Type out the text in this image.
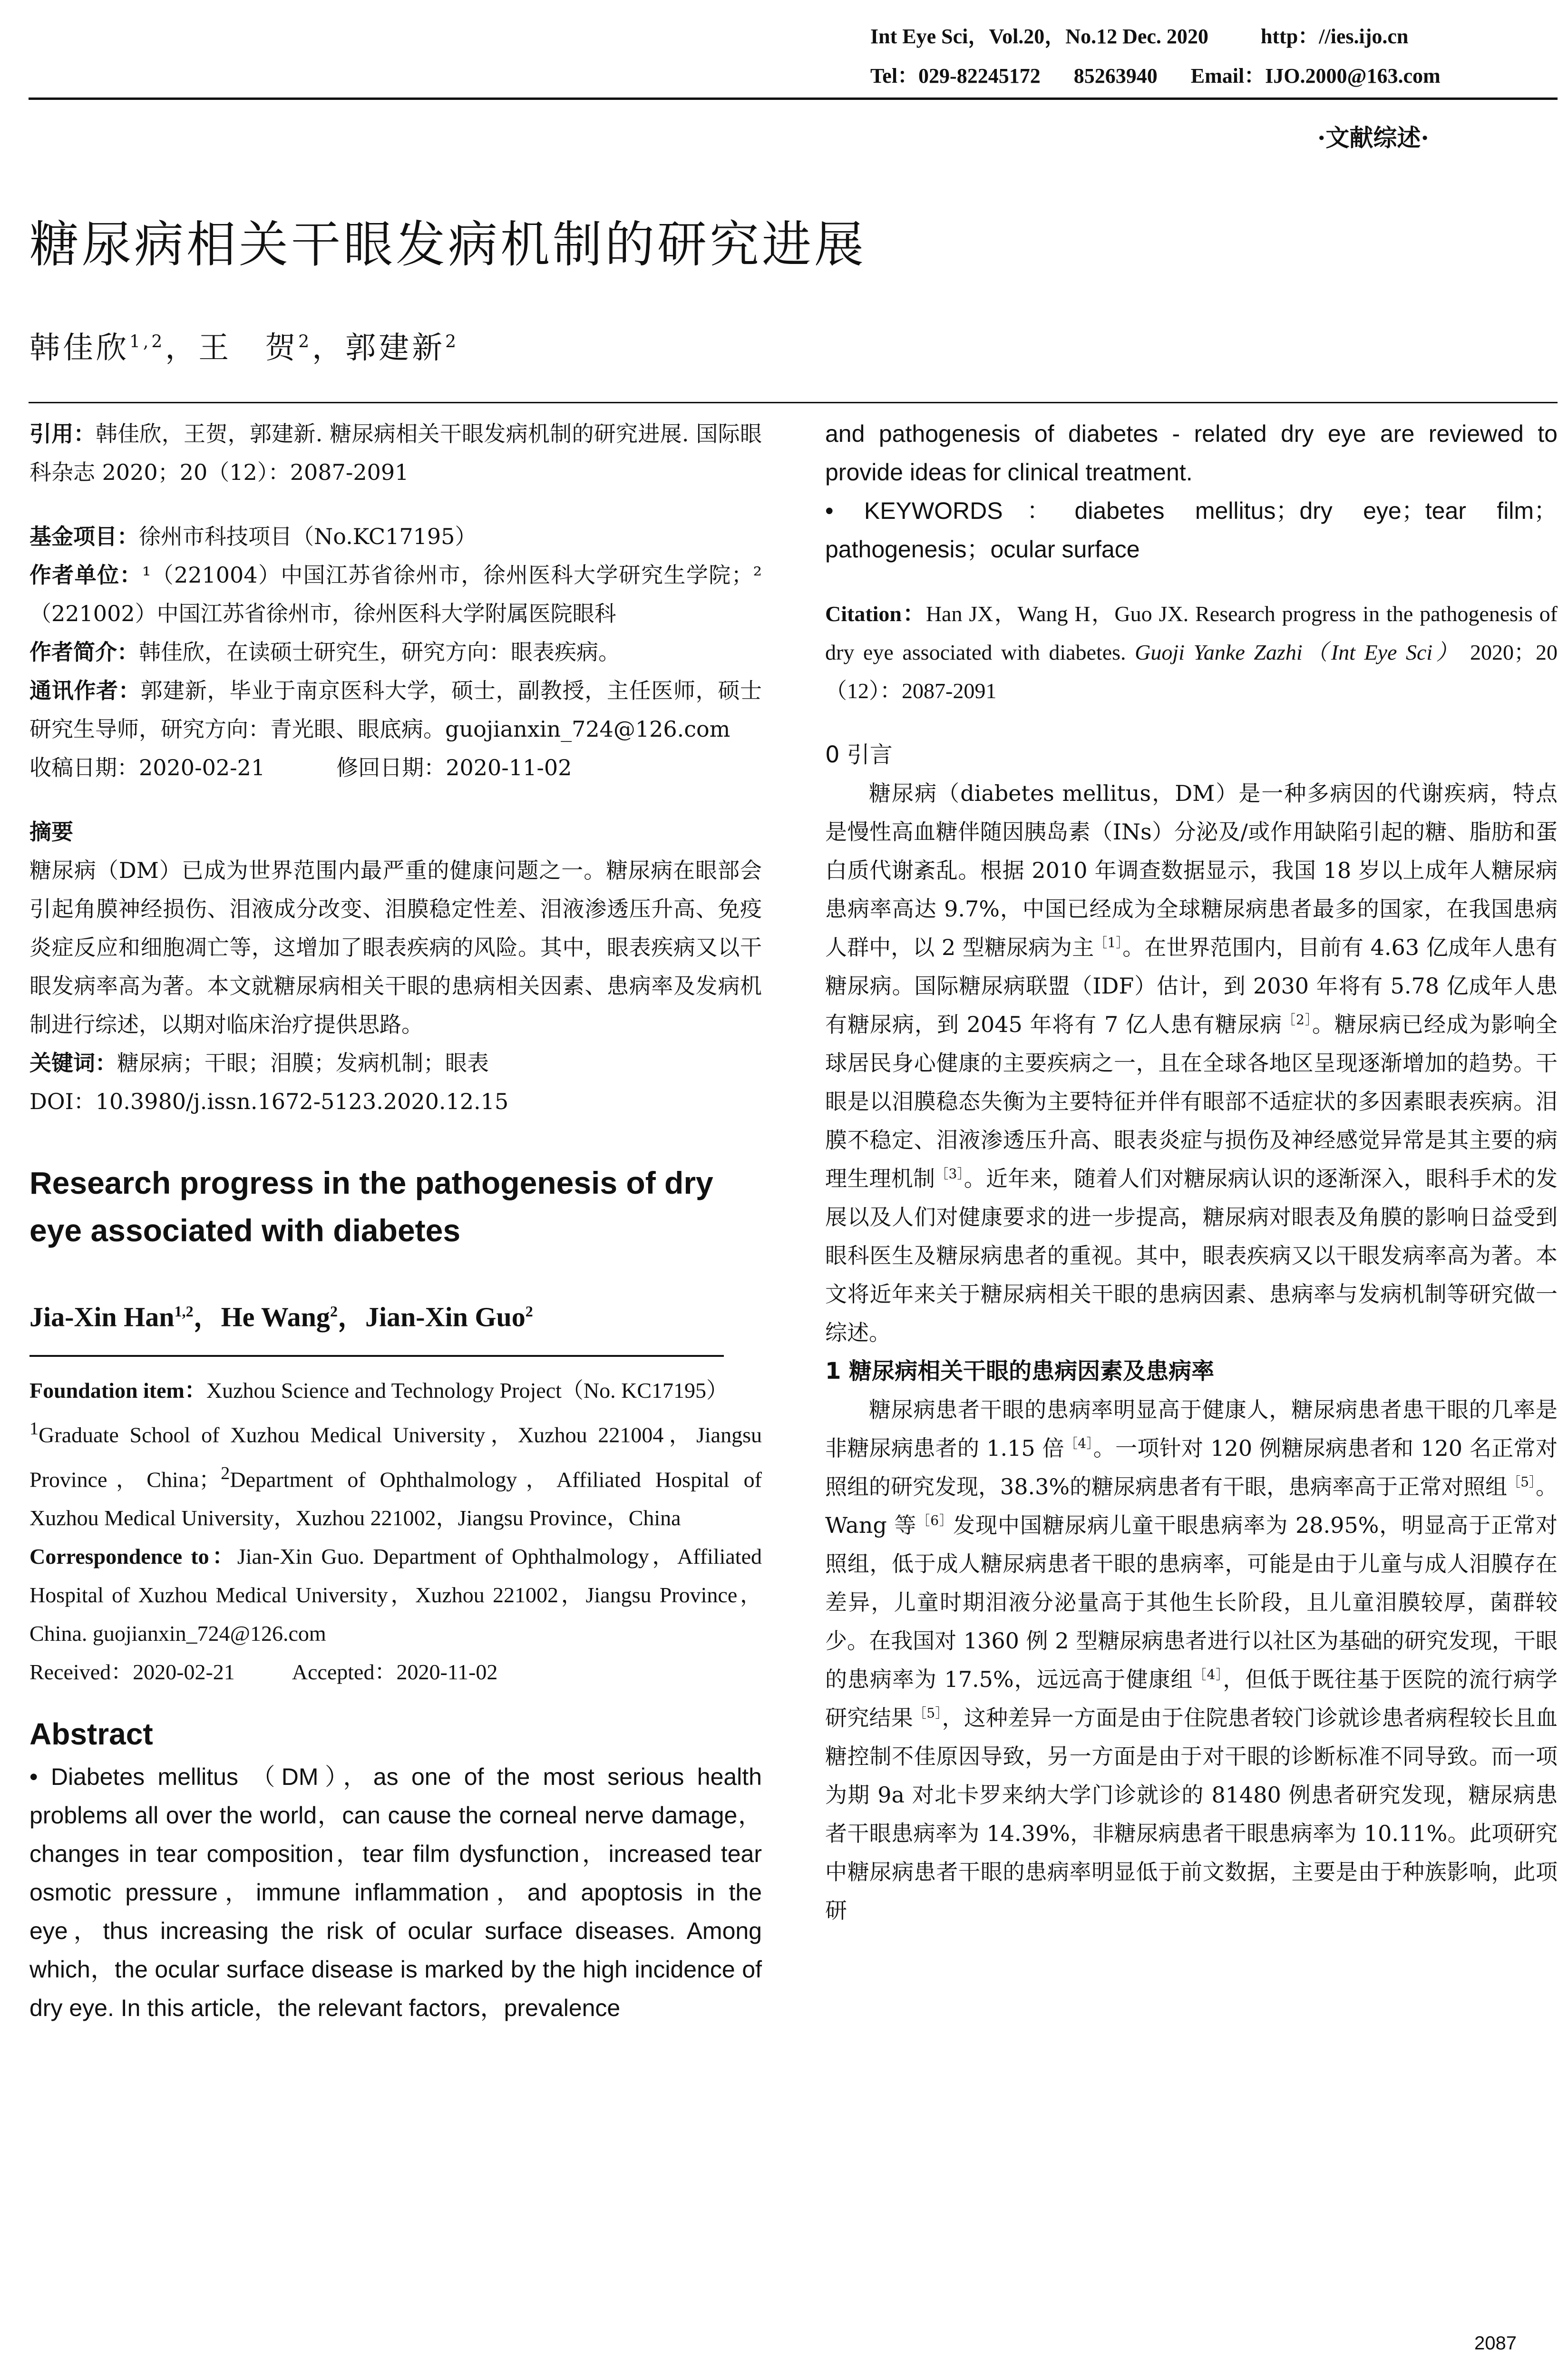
Int Eye Sci，Vol.20，No.12 Dec. 2020	http：//ies.ijo.cn
Tel：029-82245172 85263940 Email：IJO.2000@163.com
·文献综述·
糖尿病相关干眼发病机制的研究进展
韩佳欣$^{1,2}$，王　贺$^2$，郭建新$^2$

引用：韩佳欣，王贺，郭建新. 糖尿病相关干眼发病机制的研究进展. 国际眼科杂志 2020；20（12）：2087-2091

基金项目：徐州市科技项目（No.KC17195）

作者单位：¹（221004）中国江苏省徐州市，徐州医科大学研究生学院；²（221002）中国江苏省徐州市，徐州医科大学附属医院眼科

作者简介：韩佳欣，在读硕士研究生，研究方向：眼表疾病。

通讯作者：郭建新，毕业于南京医科大学，硕士，副教授，主任医师，硕士研究生导师，研究方向：青光眼、眼底病。guojianxin_724@126.com

收稿日期：2020-02-21	修回日期：2020-11-02

摘要

糖尿病（DM）已成为世界范围内最严重的健康问题之一。糖尿病在眼部会引起角膜神经损伤、泪液成分改变、泪膜稳定性差、泪液渗透压升高、免疫炎症反应和细胞凋亡等，这增加了眼表疾病的风险。其中，眼表疾病又以干眼发病率高为著。本文就糖尿病相关干眼的患病相关因素、患病率及发病机制进行综述，以期对临床治疗提供思路。

关键词：糖尿病；干眼；泪膜；发病机制；眼表

DOI：10.3980/j.issn.1672-5123.2020.12.15

Research progress in the pathogenesis of dry eye associated with diabetes

Jia-Xin Han$^{1,2}$，He Wang$^2$，Jian-Xin Guo$^2$

Foundation item：Xuzhou Science and Technology Project（No. KC17195）

$^1$Graduate School of Xuzhou Medical University，Xuzhou 221004，Jiangsu Province，China；$^2$Department of Ophthalmology，Affiliated Hospital of Xuzhou Medical University，Xuzhou 221002，Jiangsu Province，China

Correspondence to：Jian-Xin Guo. Department of Ophthalmology，Affiliated Hospital of Xuzhou Medical University，Xuzhou 221002，Jiangsu Province，China. guojianxin_724@126.com

Received：2020-02-21	Accepted：2020-11-02

Abstract

• Diabetes mellitus （DM），as one of the most serious health problems all over the world，can cause the corneal nerve damage，changes in tear composition，tear film dysfunction，increased tear osmotic pressure，immune inflammation，and apoptosis in the eye，thus increasing the risk of ocular surface diseases. Among which，the ocular surface disease is marked by the high incidence of dry eye. In this article，the relevant factors，prevalence

and pathogenesis of diabetes - related dry eye are reviewed to provide ideas for clinical treatment.

• KEYWORDS：diabetes mellitus；dry eye；tear film；pathogenesis；ocular surface

Citation：Han JX，Wang H，Guo JX. Research progress in the pathogenesis of dry eye associated with diabetes. Guoji Yanke Zazhi（Int Eye Sci） 2020；20（12）：2087-2091

0 引言

糖尿病（diabetes mellitus，DM）是一种多病因的代谢疾病，特点是慢性高血糖伴随因胰岛素（INs）分泌及/或作用缺陷引起的糖、脂肪和蛋白质代谢紊乱。根据 2010 年调查数据显示，我国 18 岁以上成年人糖尿病患病率高达 9.7%，中国已经成为全球糖尿病患者最多的国家，在我国患病人群中，以 2 型糖尿病为主$^{[1]}$。在世界范围内，目前有 4.63 亿成年人患有糖尿病。国际糖尿病联盟（IDF）估计，到 2030 年将有 5.78 亿成年人患有糖尿病，到 2045 年将有 7 亿人患有糖尿病$^{[2]}$。糖尿病已经成为影响全球居民身心健康的主要疾病之一，且在全球各地区呈现逐渐增加的趋势。干眼是以泪膜稳态失衡为主要特征并伴有眼部不适症状的多因素眼表疾病。泪膜不稳定、泪液渗透压升高、眼表炎症与损伤及神经感觉异常是其主要的病理生理机制$^{[3]}$。近年来，随着人们对糖尿病认识的逐渐深入，眼科手术的发展以及人们对健康要求的进一步提高，糖尿病对眼表及角膜的影响日益受到眼科医生及糖尿病患者的重视。其中，眼表疾病又以干眼发病率高为著。本文将近年来关于糖尿病相关干眼的患病因素、患病率与发病机制等研究做一综述。

1 糖尿病相关干眼的患病因素及患病率

糖尿病患者干眼的患病率明显高于健康人，糖尿病患者患干眼的几率是非糖尿病患者的 1.15 倍$^{[4]}$。一项针对 120 例糖尿病患者和 120 名正常对照组的研究发现，38.3%的糖尿病患者有干眼，患病率高于正常对照组$^{[5]}$。Wang 等$^{[6]}$发现中国糖尿病儿童干眼患病率为 28.95%，明显高于正常对照组，低于成人糖尿病患者干眼的患病率，可能是由于儿童与成人泪膜存在差异，儿童时期泪液分泌量高于其他生长阶段，且儿童泪膜较厚，菌群较少。在我国对 1360 例 2 型糖尿病患者进行以社区为基础的研究发现，干眼的患病率为 17.5%，远远高于健康组$^{[4]}$，但低于既往基于医院的流行病学研究结果$^{[5]}$，这种差异一方面是由于住院患者较门诊就诊患者病程较长且血糖控制不佳原因导致，另一方面是由于对干眼的诊断标准不同导致。而一项为期 9a 对北卡罗来纳大学门诊就诊的 81480 例患者研究发现，糖尿病患者干眼患病率为 14.39%，非糖尿病患者干眼患病率为 10.11%。此项研究中糖尿病患者干眼的患病率明显低于前文数据，主要是由于种族影响，此项研

2087
